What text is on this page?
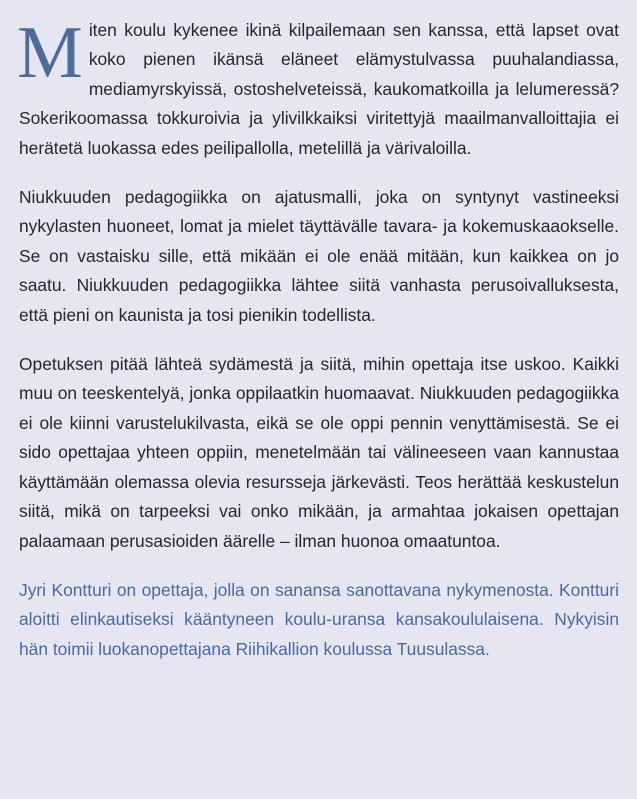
Miten koulu kykenee ikinä kilpailemaan sen kanssa, että lapset ovat koko pienen ikänsä eläneet elämystulvassa puuhalandiassa, mediamyrskyissä, ostoshelveteissä, kaukomatkoilla ja lelumeressä? Sokerikoomassa tokkuroivia ja ylivilkkaiksi viritettyjä maailmanvalloittajia ei herätetä luokassa edes peilipallolla, metelillä ja värivaloilla.

Niukkuuden pedagogiikka on ajatusmalli, joka on syntynyt vastineeksi nykylasten huoneet, lomat ja mielet täyttävälle tavara- ja kokemuskaaokselle. Se on vastaisku sille, että mikään ei ole enää mitään, kun kaikkea on jo saatu. Niukkuuden pedagogiikka lähtee siitä vanhasta perusoivalluksesta, että pieni on kaunista ja tosi pienikin todellista.

Opetuksen pitää lähteä sydämestä ja siitä, mihin opettaja itse uskoo. Kaikki muu on teeskentelyä, jonka oppilaatkin huomaavat. Niukkuuden pedagogiikka ei ole kiinni varustelukilvasta, eikä se ole oppi pennin venyttämisestä. Se ei sido opettajaa yhteen oppiin, menetelmään tai välineeseen vaan kannustaa käyttämään olemassa olevia resursseja järkevästi. Teos herättää keskustelun siitä, mikä on tarpeeksi vai onko mikään, ja armahtaa jokaisen opettajan palaamaan perusasioiden äärelle – ilman huonoa omaatuntoa.

Jyri Kontturi on opettaja, jolla on sanansa sanottavana nykymenosta. Kontturi aloitti elinkautiseksi kääntyneen koulu-uransa kansakoululaisena. Nykyisin hän toimii luokanopettajana Riihikallion koulussa Tuusulassa.
